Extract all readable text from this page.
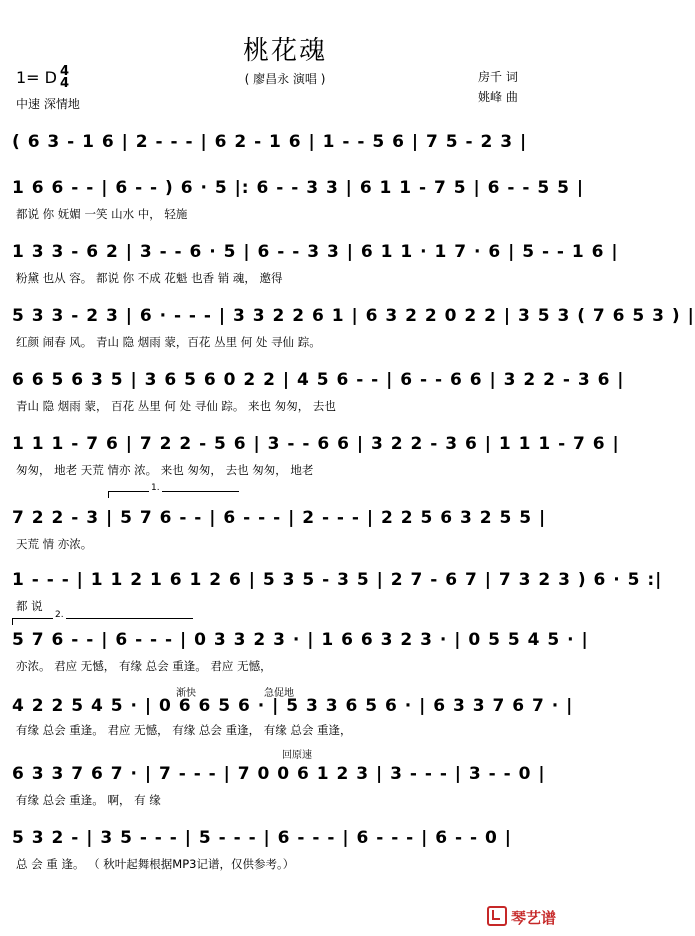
桃花魂
( 廖昌永 演唱 )
1= D 4
4
中速 深情地
房千 词
姚峰 曲
1.
2.
渐快	急促地
回原速
( 6 3 - 1 6 | 2 - - - | 6 2 - 1 6 | 1 - - 5 6 | 7 5 - 2 3 |
1 6 6 - - | 6 - - ) 6 · 5 |: 6 - - 3 3 | 6 1 1 - 7 5 | 6 - - 5 5 |
都说 你 妩媚 一笑 山水 中， 轻施
1 3 3 - 6 2 | 3 - - 6 · 5 | 6 - - 3 3 | 6 1 1 · 1 7 · 6 | 5 - - 1 6 |
粉黛 也从 容。 都说 你 不成 花魁 也香 销 魂， 邀得
5 3 3 - 2 3 | 6 · - - - | 3 3 2 2 6 1 | 6 3 2 2 0 2 2 | 3 5 3 ( 7 6 5 3 ) |
红颜 闹春 风。 青山 隐 烟雨 蒙，百花 丛里 何 处 寻仙 踪。
6 6 5 6 3 5 | 3 6 5 6 0 2 2 | 4 5 6 - - | 6 - - 6 6 | 3 2 2 - 3 6 |
青山 隐 烟雨 蒙， 百花 丛里 何 处 寻仙 踪。 来也 匆匆， 去也
1 1 1 - 7 6 | 7 2 2 - 5 6 | 3 - - 6 6 | 3 2 2 - 3 6 | 1 1 1 - 7 6 |
匆匆， 地老 天荒 情亦 浓。 来也 匆匆， 去也 匆匆， 地老
7 2 2 - 3 | 5 7 6 - - | 6 - - - | 2 - - - | 2 2 5 6 3 2 5 5 |
天荒 情 亦浓。
1 - - - | 1 1 2 1 6 1 2 6 | 5 3 5 - 3 5 | 2 7 - 6 7 | 7 3 2 3 ) 6 · 5 :|
都 说
5 7 6 - - | 6 - - - | 0 3 3 2 3 · | 1 6 6 3 2 3 · | 0 5 5 4 5 · |
亦浓。 君应 无憾， 有缘 总会 重逢。 君应 无憾，
4 2 2 5 4 5 · | 0 6 6 5 6 · | 5 3 3 6 5 6 · | 6 3 3 7 6 7 · |
有缘 总会 重逢。 君应 无憾， 有缘 总会 重逢， 有缘 总会 重逢，
6 3 3 7 6 7 · | 7 - - - | 7 0 0 6 1 2 3 | 3 - - - | 3 - - 0 |
有缘 总会 重逢。 啊， 有 缘
5 3 2 - | 3 5 - - - | 5 - - - | 6 - - - | 6 - - - | 6 - - 0 |
总 会 重 逢。 （ 秋叶起舞根据MP3记谱，仅供参考。）
琴艺谱
